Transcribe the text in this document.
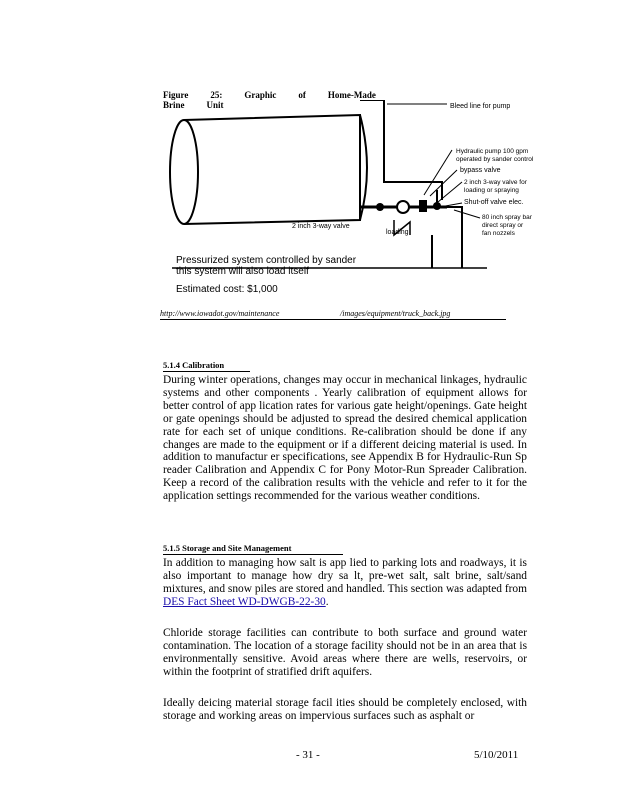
Figure 25: Graphic of Home-MadeBrine Unit	Bleed line for pump
Hydraulic pump 100 gpm
operated by sander control
bypass valve
2 inch 3-way valve for
loading or spraying
Shut-off valve elec.
80 inch spray bar
direct spray or
fan nozzels
2 inch 3-way valve
loading
Pressurized system controlled by sander
this system will also load itself
Estimated cost: $1,000
http://www.iowadot.gov/maintenance	/images/equipment/truck_back.jpg
5.1.4 Calibration
During winter operations, changes may occur in mechanical linkages, hydraulic systems and other components . Yearly calibration of equipment allows for better control of app lication rates for various gate height/openings. Gate height or gate openings should be adjusted to spread the desired chemical application rate for each set of unique conditions. Re-calibration should be done if any changes are made to the equipment or if a different deicing material is used. In addition to manufactur er specifications, see Appendix B for Hydraulic-Run Sp reader Calibration and Appendix C for Pony Motor-Run Spreader Calibration. Keep a record of the calibration results with the vehicle and refer to it for the application settings recommended for the various weather conditions.
5.1.5 Storage and Site Management
In addition to managing how salt is app lied to parking lots and roadways, it is also important to manage how dry sa lt, pre-wet salt, salt brine, salt/sand mixtures, and snow piles are stored and handled. This section was adapted from DES Fact Sheet WD-DWGB-22-30.
Chloride storage facilities can contribute to both surface and ground water contamination. The location of a storage facility should not be in an area that is environmentally sensitive. Avoid areas where there are wells, reservoirs, or within the footprint of stratified drift aquifers.
Ideally deicing material storage facil ities should be completely enclosed, with storage and working areas on impervious surfaces such as asphalt or
- 31 -	5/10/2011
